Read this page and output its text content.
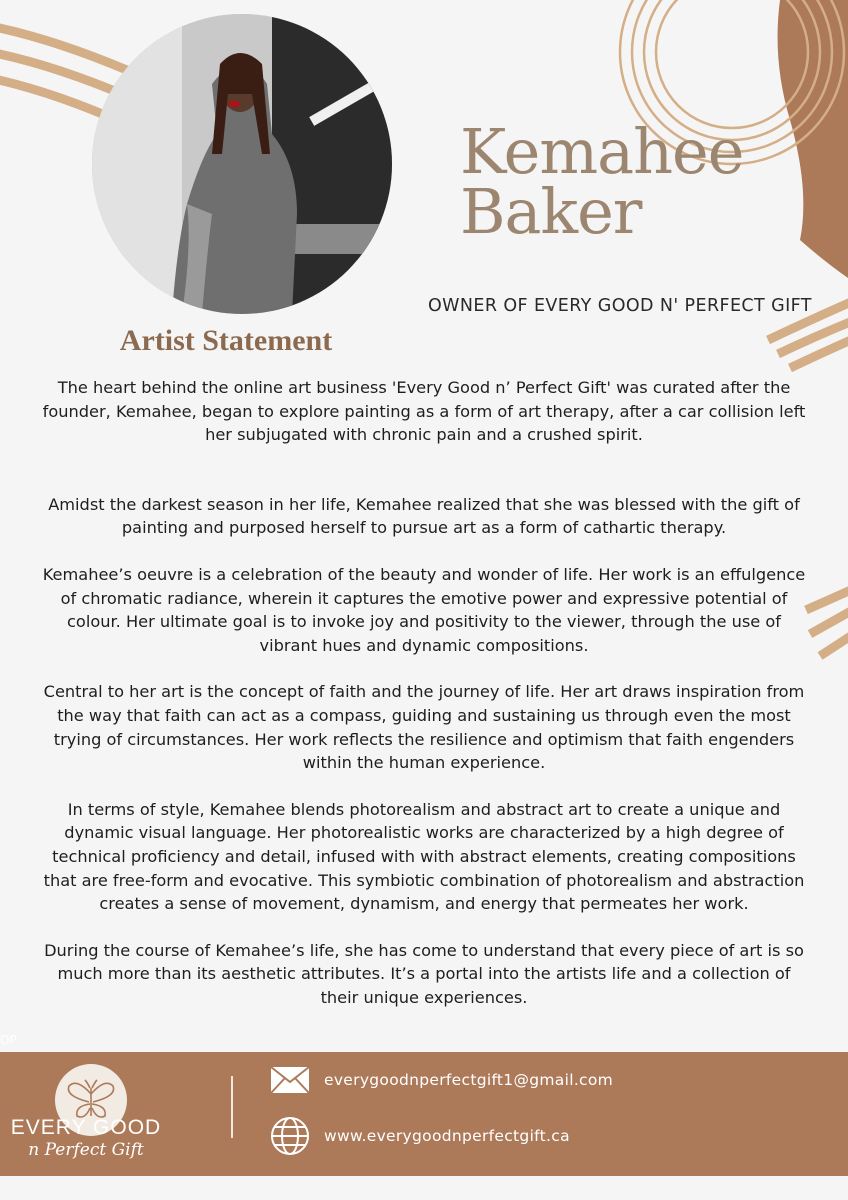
Kemahee
Baker
OWNER OF EVERY GOOD N' PERFECT GIFT
Artist Statement

The heart behind the online art business 'Every Good n’ Perfect Gift' was curated after the founder, Kemahee, began to explore painting as a form of art therapy, after a car collision left her subjugated with chronic pain and a crushed spirit.

Amidst the darkest season in her life, Kemahee realized that she was blessed with the gift of painting and purposed herself to pursue art as a form of cathartic therapy.

Kemahee’s oeuvre is a celebration of the beauty and wonder of life. Her work is an effulgence of chromatic radiance, wherein it captures the emotive power and expressive potential of colour. Her ultimate goal is to invoke joy and positivity to the viewer, through the use of vibrant hues and dynamic compositions.

Central to her art is the concept of faith and the journey of life. Her art draws inspiration from the way that faith can act as a compass, guiding and sustaining us through even the most trying of circumstances. Her work reflects the resilience and optimism that faith engenders within the human experience.

In terms of style, Kemahee blends photorealism and abstract art to create a unique and dynamic visual language. Her photorealistic works are characterized by a high degree of technical proficiency and detail, infused with with abstract elements, creating compositions that are free-form and evocative. This symbiotic combination of photorealism and abstraction creates a sense of movement, dynamism, and energy that permeates her work.

During the course of Kemahee’s life, she has come to understand that every piece of art is so much more than its aesthetic attributes. It’s a portal into the artists life and a collection of their unique experiences.

OP
EVERY GOOD
n Perfect Gift
everygoodnperfectgift1@gmail.com
www.everygoodnperfectgift.ca
